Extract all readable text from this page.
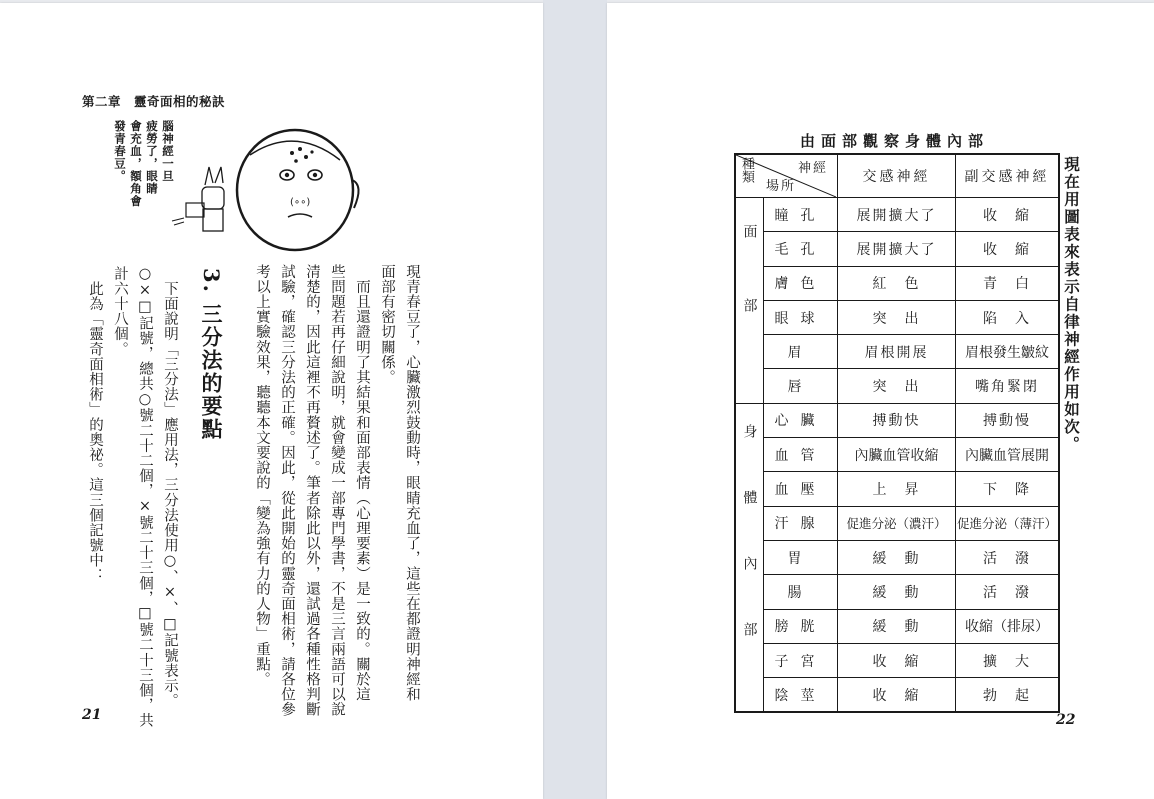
第二章　靈奇面相的秘訣
腦神經一旦
疲勞了，眼睛
會充血，額角會
發青春豆。
(∘∘)
現青春豆了，心臟激烈鼓動時，眼睛充血了，這些在都證明神經和
面部有密切關係。
　而且還證明了其結果和面部表情（心理要素）是一致的。關於這
些問題若再仔細說明，就會變成一部專門學書，不是三言兩語可以說
清楚的，因此這裡不再贅述了。筆者除此以外，還試過各種性格判斷
試驗，確認三分法的正確。因此，從此開始的靈奇面相術，請各位參
考以上實驗效果，聽聽本文要說的「變為強有力的人物」重點。
3. 三分法的要點
　下面說明「三分法」應用法，三分法使用○、×、□記號表示。
○×□記號，總共○號二十二個，×號二十三個，□號二十三個，共
計六十八個。
　此為「靈奇面相術」的奧祕。這三個記號中：
21
由面部觀察身體內部
現在用圖表來表示自律神經作用如次。
種類 神經
場所		交感神經	副交感神經
面部	瞳孔	展開擴大了	收　縮
	毛孔	展開擴大了	收　縮
	膚色	紅　色	青　白
	眼球	突　出	陷　入
	眉	眉根開展	眉根發生皺紋
	唇	突　出	嘴角緊閉
身體內部	心臟	搏動快	搏動慢
	血管	內臟血管收縮	內臟血管展開
	血壓	上　昇	下　降
	汗腺	促進分泌（濃汗）	促進分泌（薄汗）
	胃	緩　動	活　潑
	腸	緩　動	活　潑
	膀胱	緩　動	收縮（排尿）
	子宮	收　縮	擴　大
	陰莖	收　縮	勃　起
22
